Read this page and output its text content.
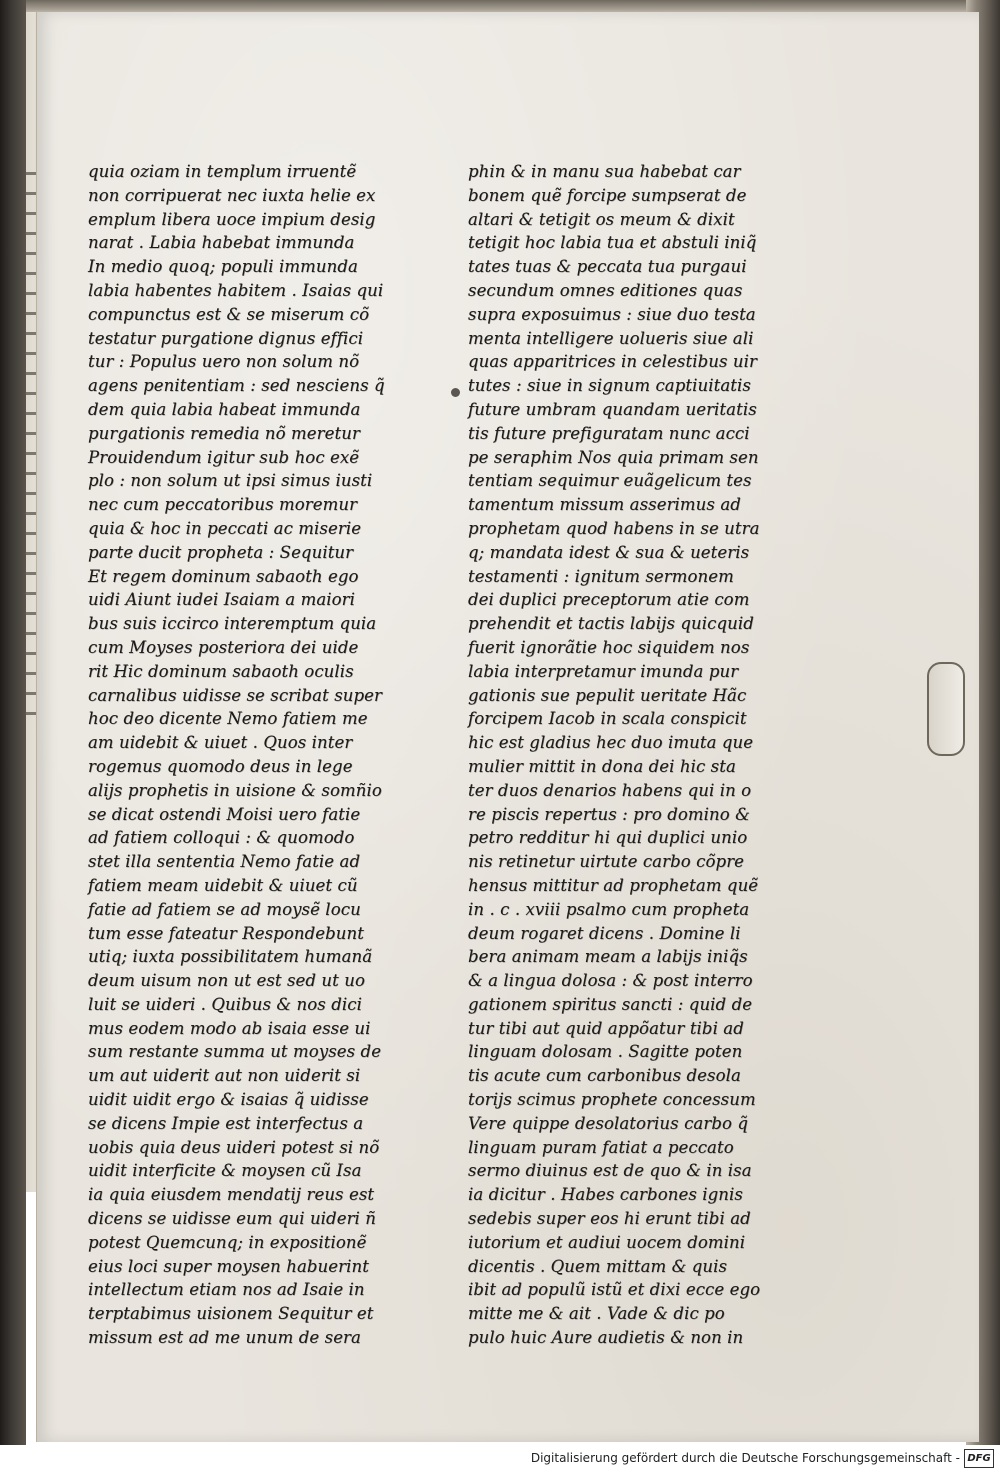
quia oziam in templum irruentẽ
non corripuerat nec iuxta helie ex
emplum libera uoce impium desig
narat . Labia habebat immunda
In medio quoq; populi immunda
labia habentes habitem . Isaias qui
compunctus est & se miserum cõ
testatur purgatione dignus effici
tur : Populus uero non solum nõ
agens penitentiam : sed nesciens q̃
dem quia labia habeat immunda
purgationis remedia nõ meretur
Prouidendum igitur sub hoc exẽ
plo : non solum ut ipsi simus iusti
nec cum peccatoribus moremur
quia & hoc in peccati ac miserie
parte ducit propheta : Sequitur
Et regem dominum sabaoth ego
uidi Aiunt iudei Isaiam a maiori
bus suis iccirco interemptum quia
cum Moyses posteriora dei uide
rit Hic dominum sabaoth oculis
carnalibus uidisse se scribat super
hoc deo dicente Nemo fatiem me
am uidebit & uiuet . Quos inter
rogemus quomodo deus in lege
alijs prophetis in uisione & somñio
se dicat ostendi Moisi uero fatie
ad fatiem colloqui : & quomodo
stet illa sententia Nemo fatie ad
fatiem meam uidebit & uiuet cũ
fatie ad fatiem se ad moysẽ locu
tum esse fateatur Respondebunt
utiq; iuxta possibilitatem humanã
deum uisum non ut est sed ut uo
luit se uideri . Quibus & nos dici
mus eodem modo ab isaia esse ui
sum restante summa ut moyses de
um aut uiderit aut non uiderit si
uidit uidit ergo & isaias q̃ uidisse
se dicens Impie est interfectus a
uobis quia deus uideri potest si nõ
uidit interficite & moysen cũ Isa
ia quia eiusdem mendatij reus est
dicens se uidisse eum qui uideri ñ
potest Quemcunq; in expositionẽ
eius loci super moysen habuerint
intellectum etiam nos ad Isaie in
terptabimus uisionem Sequitur et
missum est ad me unum de sera
phin & in manu sua habebat car
bonem quẽ forcipe sumpserat de
altari & tetigit os meum & dixit
tetigit hoc labia tua et abstuli iniq̃
tates tuas & peccata tua purgaui
secundum omnes editiones quas
supra exposuimus : siue duo testa
menta intelligere uolueris siue ali
quas apparitrices in celestibus uir
tutes : siue in signum captiuitatis
future umbram quandam ueritatis
tis future prefiguratam nunc acci
pe seraphim Nos quia primam sen
tentiam sequimur euãgelicum tes
tamentum missum asserimus ad
prophetam quod habens in se utra
q; mandata idest & sua & ueteris
testamenti : ignitum sermonem
dei duplici preceptorum atie com
prehendit et tactis labijs quicquid
fuerit ignorãtie hoc siquidem nos
labia interpretamur imunda pur
gationis sue pepulit ueritate Hãc
forcipem Iacob in scala conspicit
hic est gladius hec duo imuta que
mulier mittit in dona dei hic sta
ter duos denarios habens qui in o
re piscis repertus : pro domino &
petro redditur hi qui duplici unio
nis retinetur uirtute carbo cõpre
hensus mittitur ad prophetam quẽ
in . c . xviii psalmo cum propheta
deum rogaret dicens . Domine li
bera animam meam a labijs iniq̃s
& a lingua dolosa : & post interro
gationem spiritus sancti : quid de
tur tibi aut quid appõatur tibi ad
linguam dolosam . Sagitte poten
tis acute cum carbonibus desola
torijs scimus prophete concessum
Vere quippe desolatorius carbo q̃
linguam puram fatiat a peccato
sermo diuinus est de quo & in isa
ia dicitur . Habes carbones ignis
sedebis super eos hi erunt tibi ad
iutorium et audiui uocem domini
dicentis . Quem mittam & quis
ibit ad populũ istũ et dixi ecce ego
mitte me & ait . Vade & dic po
pulo huic Aure audietis & non in
Digitalisierung gefördert durch die Deutsche Forschungsgemeinschaft - DFG
